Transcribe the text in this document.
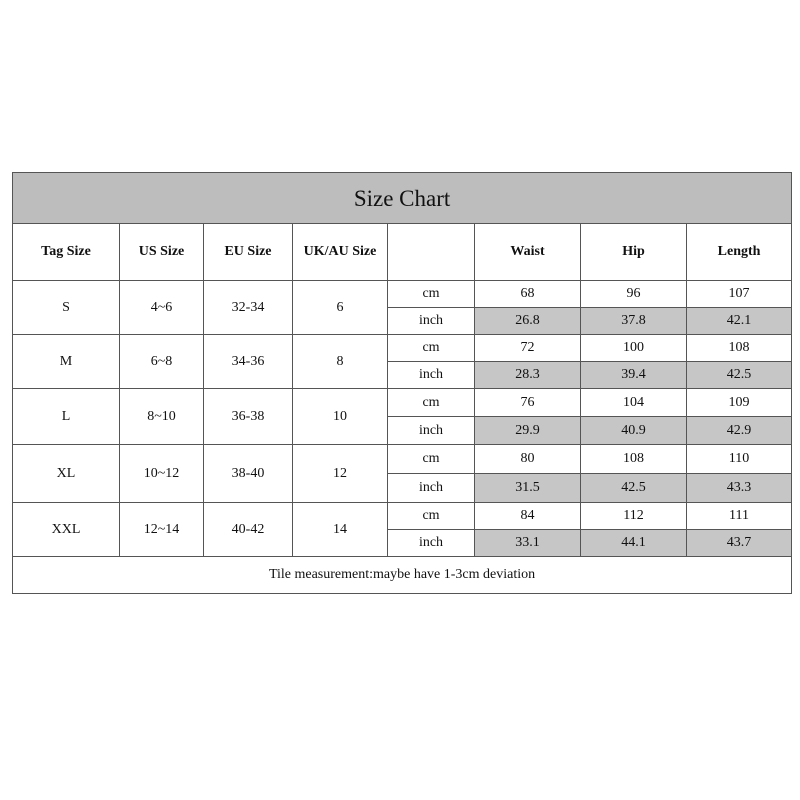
Size Chart							
Tag Size	US Size	EU Size	UK/AU Size		Waist	Hip	Length
S	4~6	32-34	6	cm	68	96	107
				inch	26.8	37.8	42.1
M	6~8	34-36	8	cm	72	100	108
				inch	28.3	39.4	42.5
L	8~10	36-38	10	cm	76	104	109
				inch	29.9	40.9	42.9
XL	10~12	38-40	12	cm	80	108	110
				inch	31.5	42.5	43.3
XXL	12~14	40-42	14	cm	84	112	111
				inch	33.1	44.1	43.7
Tile measurement:maybe have 1-3cm deviation							
